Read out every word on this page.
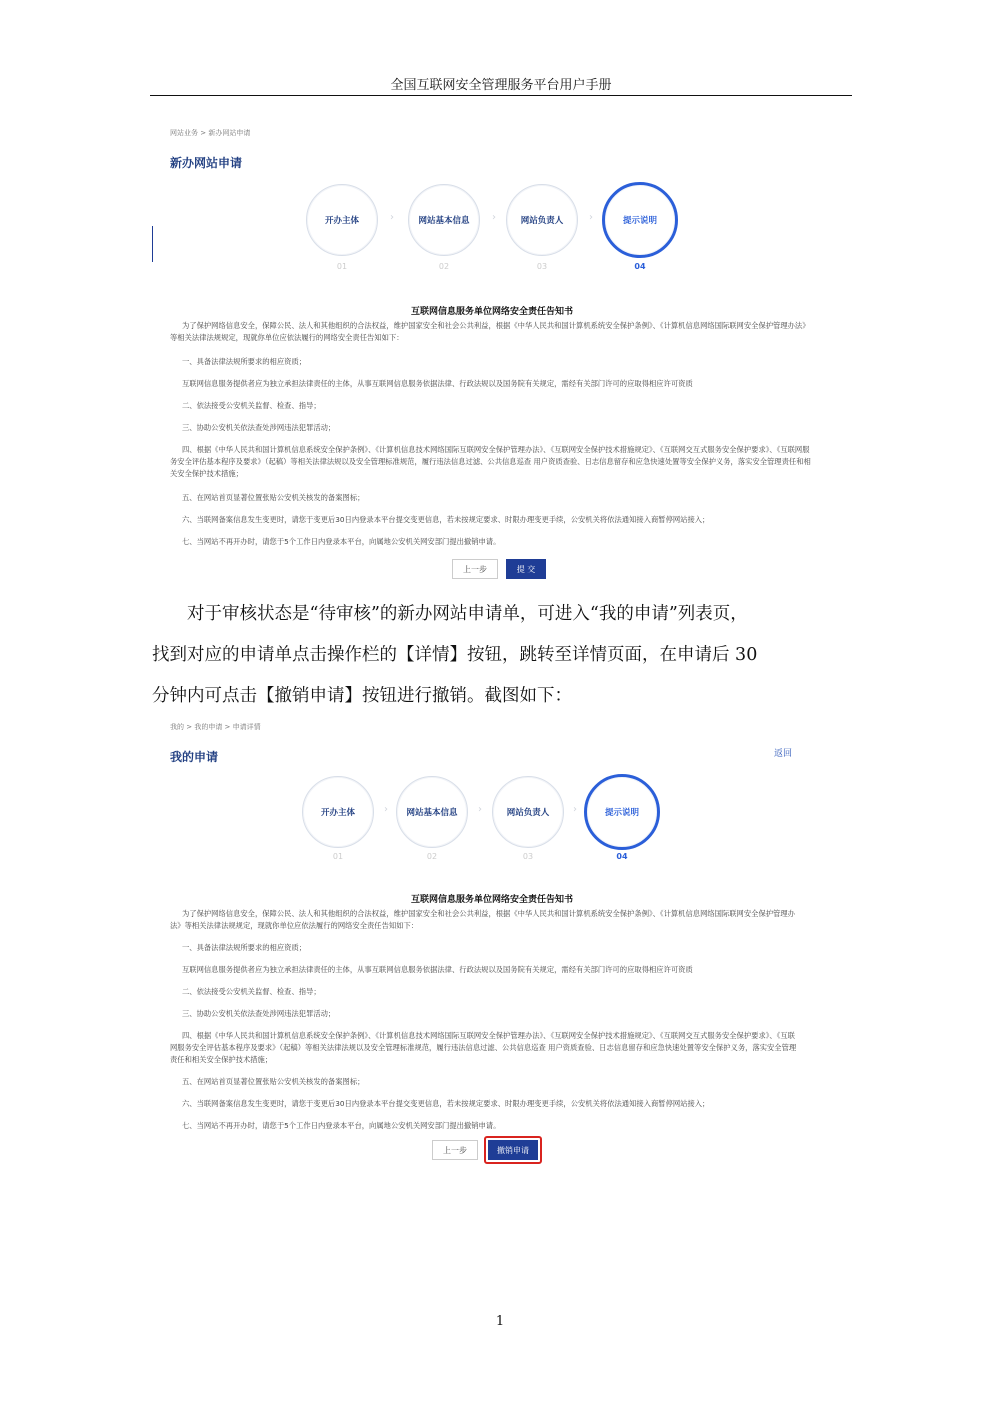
全国互联网安全管理服务平台用户手册
网站业务 > 新办网站申请
新办网站申请
开办主体
01
›	网站基本信息
02
›	网站负责人
03
›	提示说明
04
互联网信息服务单位网络安全责任告知书
为了保护网络信息安全，保障公民、法人和其他组织的合法权益，维护国家安全和社会公共利益，根据《中华人民共和国计算机系统安全保护条例》、《计算机信息网络国际联网安全保护管理办法》等相关法律法规规定，现就你单位应依法履行的网络安全责任告知如下：
一、具备法律法规所要求的相应资质；
互联网信息服务提供者应为独立承担法律责任的主体，从事互联网信息服务依据法律、行政法规以及国务院有关规定，需经有关部门许可的应取得相应许可资质
二、依法接受公安机关监督、检查、指导；
三、协助公安机关依法查处涉网违法犯罪活动；
四、根据《中华人民共和国计算机信息系统安全保护条例》、《计算机信息技术网络国际互联网安全保护管理办法》、《互联网安全保护技术措施规定》、《互联网交互式服务安全保护要求》、《互联网服务安全评估基本程序及要求》（起稿）等相关法律法规以及安全管理标准规范，履行违法信息过滤、公共信息巡查 用户资质查验、日志信息留存和应急快速处置等安全保护义务，落实安全管理责任和相关安全保护技术措施；
五、在网站首页显著位置张贴公安机关核发的备案图标；
六、当联网备案信息发生变更时，请您于变更后30日内登录本平台提交变更信息，若未按规定要求、时限办理变更手续，公安机关将依法通知接入商暂停网站接入；
七、当网站不再开办时，请您于5个工作日内登录本平台，向属地公安机关网安部门提出撤销申请。
上一步	提 交
对于审核状态是“待审核”的新办网站申请单，可进入“我的申请”列表页，
找到对应的申请单点击操作栏的【详情】按钮，跳转至详情页面，在申请后 30
分钟内可点击【撤销申请】按钮进行撤销。截图如下：
我的 > 我的申请 > 申请详情
我的申请	返回
开办主体
01
› 网站基本信息
02
›	网站负责人
03
›	提示说明
04
互联网信息服务单位网络安全责任告知书
为了保护网络信息安全，保障公民、法人和其他组织的合法权益，维护国家安全和社会公共利益，根据《中华人民共和国计算机系统安全保护条例》、《计算机信息网络国际联网安全保护管理办法》等相关法律法规规定，现就你单位应依法履行的网络安全责任告知如下：
一、具备法律法规所要求的相应资质；
互联网信息服务提供者应为独立承担法律责任的主体，从事互联网信息服务依据法律、行政法规以及国务院有关规定，需经有关部门许可的应取得相应许可资质
二、依法接受公安机关监督、检查、指导；
三、协助公安机关依法查处涉网违法犯罪活动；
四、根据《中华人民共和国计算机信息系统安全保护条例》、《计算机信息技术网络国际互联网安全保护管理办法》、《互联网安全保护技术措施规定》、《互联网交互式服务安全保护要求》、《互联网服务安全评估基本程序及要求》（起稿）等相关法律法规以及安全管理标准规范，履行违法信息过滤、公共信息巡查 用户资质查验、日志信息留存和应急快速处置等安全保护义务，落实安全管理责任和相关安全保护技术措施；
五、在网站首页显著位置张贴公安机关核发的备案图标；
六、当联网备案信息发生变更时，请您于变更后30日内登录本平台提交变更信息，若未按规定要求、时限办理变更手续，公安机关将依法通知接入商暂停网站接入；
七、当网站不再开办时，请您于5个工作日内登录本平台，向属地公安机关网安部门提出撤销申请。
上一步	撤销申请
1
